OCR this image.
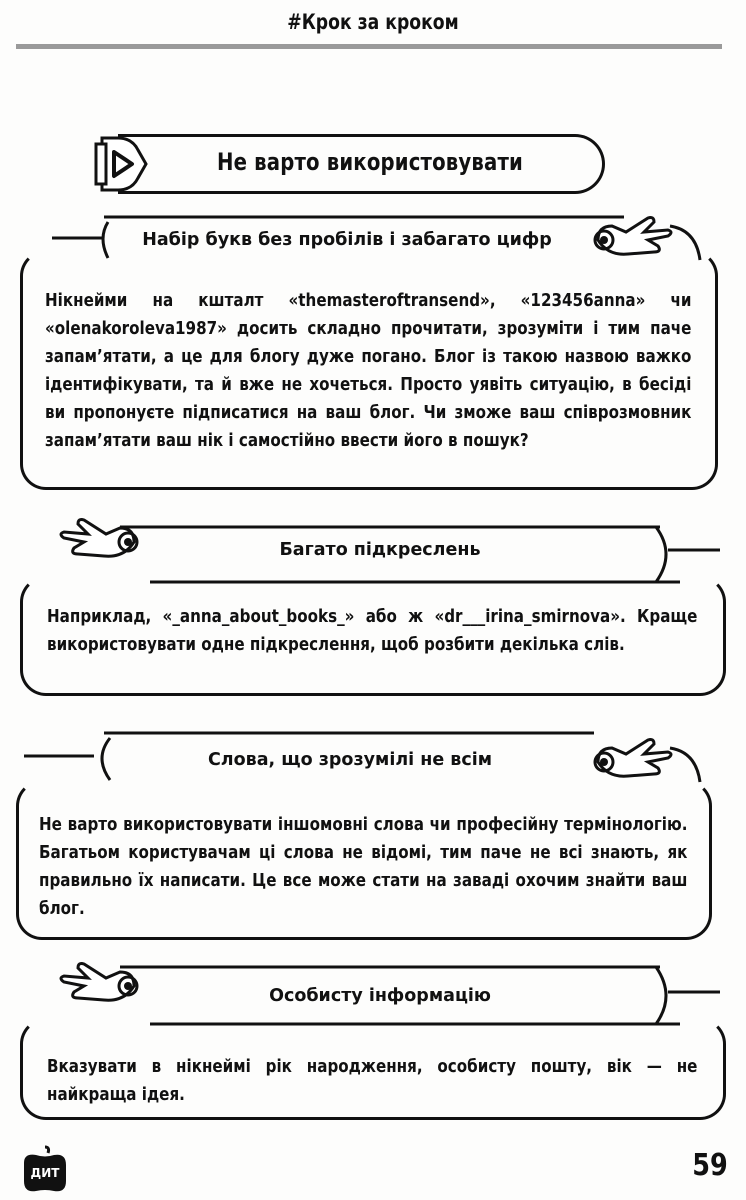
#Крок за кроком
Не варто використовувати
Набір букв без пробілів і забагато цифр

Нікнейми на кшталт «themasteroftransend», «123456anna» чи «olenakoroleva1987» досить складно прочитати, зрозуміти і тим паче запам’ятати, а це для блогу дуже погано. Блог із такою назвою важко ідентифікувати, та й вже не хочеться. Просто уявіть ситуацію, в бесіді ви пропонуєте підписатися на ваш блог. Чи зможе ваш співрозмовник запам’ятати ваш нік і самостійно ввести його в пошук?

Багато підкреслень

Наприклад, «_anna_about_books_» або ж «dr___irina_smirnova». Краще використовувати одне підкреслення, щоб розбити декілька слів.

Слова, що зрозумілі не всім

Не варто використовувати іншомовні слова чи професійну термінологію. Багатьом користувачам ці слова не відомі, тим паче не всі знають, як правильно їх написати. Це все може стати на заваді охочим знайти ваш блог.

Особисту інформацію

Вказувати в нікнеймі рік народження, особисту пошту, вік — не найкраща ідея.

ДИТ	59
